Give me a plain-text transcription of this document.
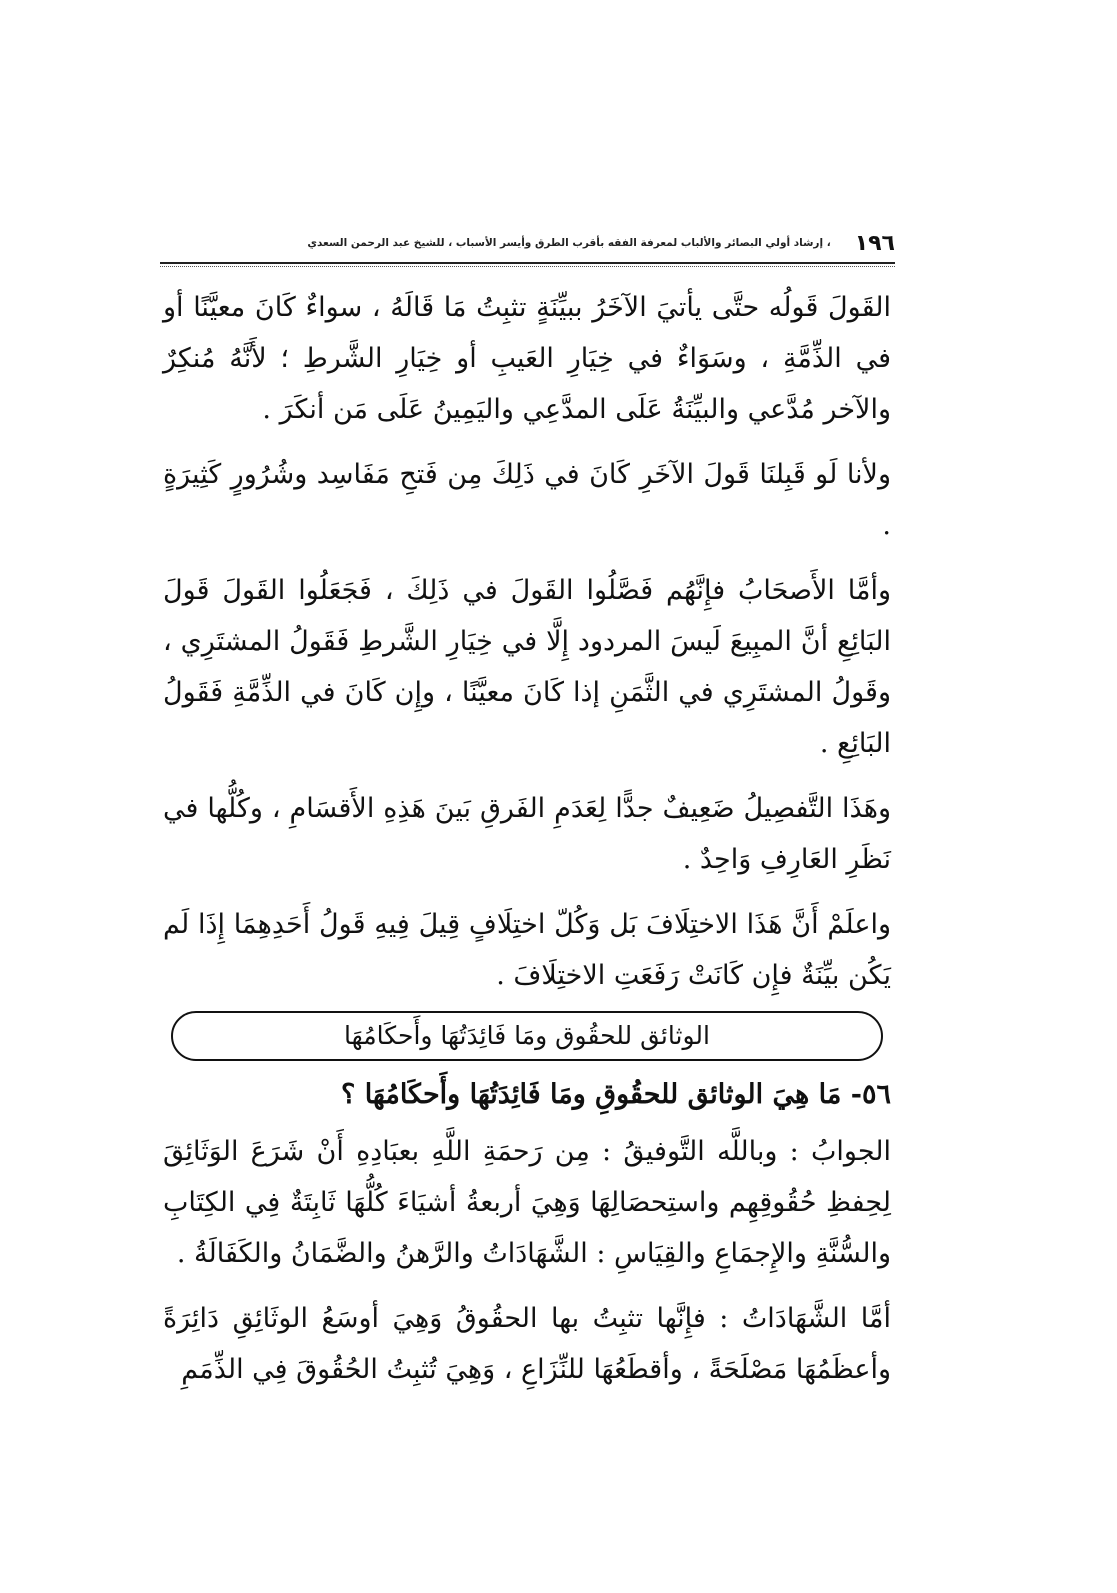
١٩٦
، إرشاد أولي البصائر والألباب لمعرفة الفقه بأقرب الطرق وأيسر الأسباب ، للشيخ عبد الرحمن السعدي

القَولَ قَولُه حتَّى يأتيَ الآخَرُ ببيِّنَةٍ تثبِتُ مَا قَالَهُ ، سواءٌ كَانَ معيَّنًا أو في الذِّمَّةِ ، وسَوَاءٌ في خِيَارِ العَيبِ أو خِيَارِ الشَّرطِ ؛ لأَنَّهُ مُنكِرٌ والآخر مُدَّعي والبيِّنَةُ عَلَى المدَّعِي واليَمِينُ عَلَى مَن أنكَرَ .

ولأنا لَو قَبِلنَا قَولَ الآخَرِ كَانَ في ذَلِكَ مِن فَتحِ مَفَاسِد وشُرُورٍ كَثِيرَةٍ .

وأمَّا الأَصحَابُ فإِنَّهُم فَصَّلُوا القَولَ في ذَلِكَ ، فَجَعَلُوا القَولَ قَولَ البَائِعِ أنَّ المبِيعَ لَيسَ المردود إِلَّا في خِيَارِ الشَّرطِ فَقَولُ المشتَرِي ، وقَولُ المشتَرِي في الثَّمَنِ إذا كَانَ معيَّنًا ، وإِن كَانَ في الذِّمَّةِ فَقَولُ البَائِعِ .

وهَذَا التَّفصِيلُ ضَعِيفٌ جدًّا لِعَدَمِ الفَرقِ بَينَ هَذِهِ الأَقسَامِ ، وكُلُّها في نَظَرِ العَارِفِ وَاحِدٌ .

واعلَمْ أَنَّ هَذَا الاختِلَافَ بَل وَكُلّ اختِلَافٍ قِيلَ فِيهِ قَولُ أَحَدِهِمَا إِذَا لَم يَكُن بيِّنَةٌ فإِن كَانَتْ رَفَعَتِ الاختِلَافَ .

الوثائق للحقُوق ومَا فَائِدَتُهَا وأَحكَامُهَا

٥٦- مَا هِيَ الوثائق للحقُوقِ ومَا فَائِدَتُهَا وأَحكَامُهَا ؟

الجوابُ : وباللَّه التَّوفيقُ : مِن رَحمَةِ اللَّهِ بعبَادِهِ أَنْ شَرَعَ الوَثَائِقَ لِحِفظِ حُقُوقِهِم واستِحصَالِهَا وَهِيَ أربعةُ أشيَاءَ كُلُّهَا ثَابِتَةٌ فِي الكِتَابِ والسُّنَّةِ والإِجمَاعِ والقِيَاسِ : الشَّهَادَاتُ والرَّهنُ والضَّمَانُ والكَفَالَةُ .

أمَّا الشَّهَادَاتُ : فإِنَّها تثبِتُ بها الحقُوقُ وَهِيَ أوسَعُ الوثَائِقِ دَائِرَةً وأعظَمُهَا مَصْلَحَةً ، وأقطَعُهَا للنِّزَاعِ ، وَهِيَ تُثبِتُ الحُقُوقَ فِي الذِّمَمِ
